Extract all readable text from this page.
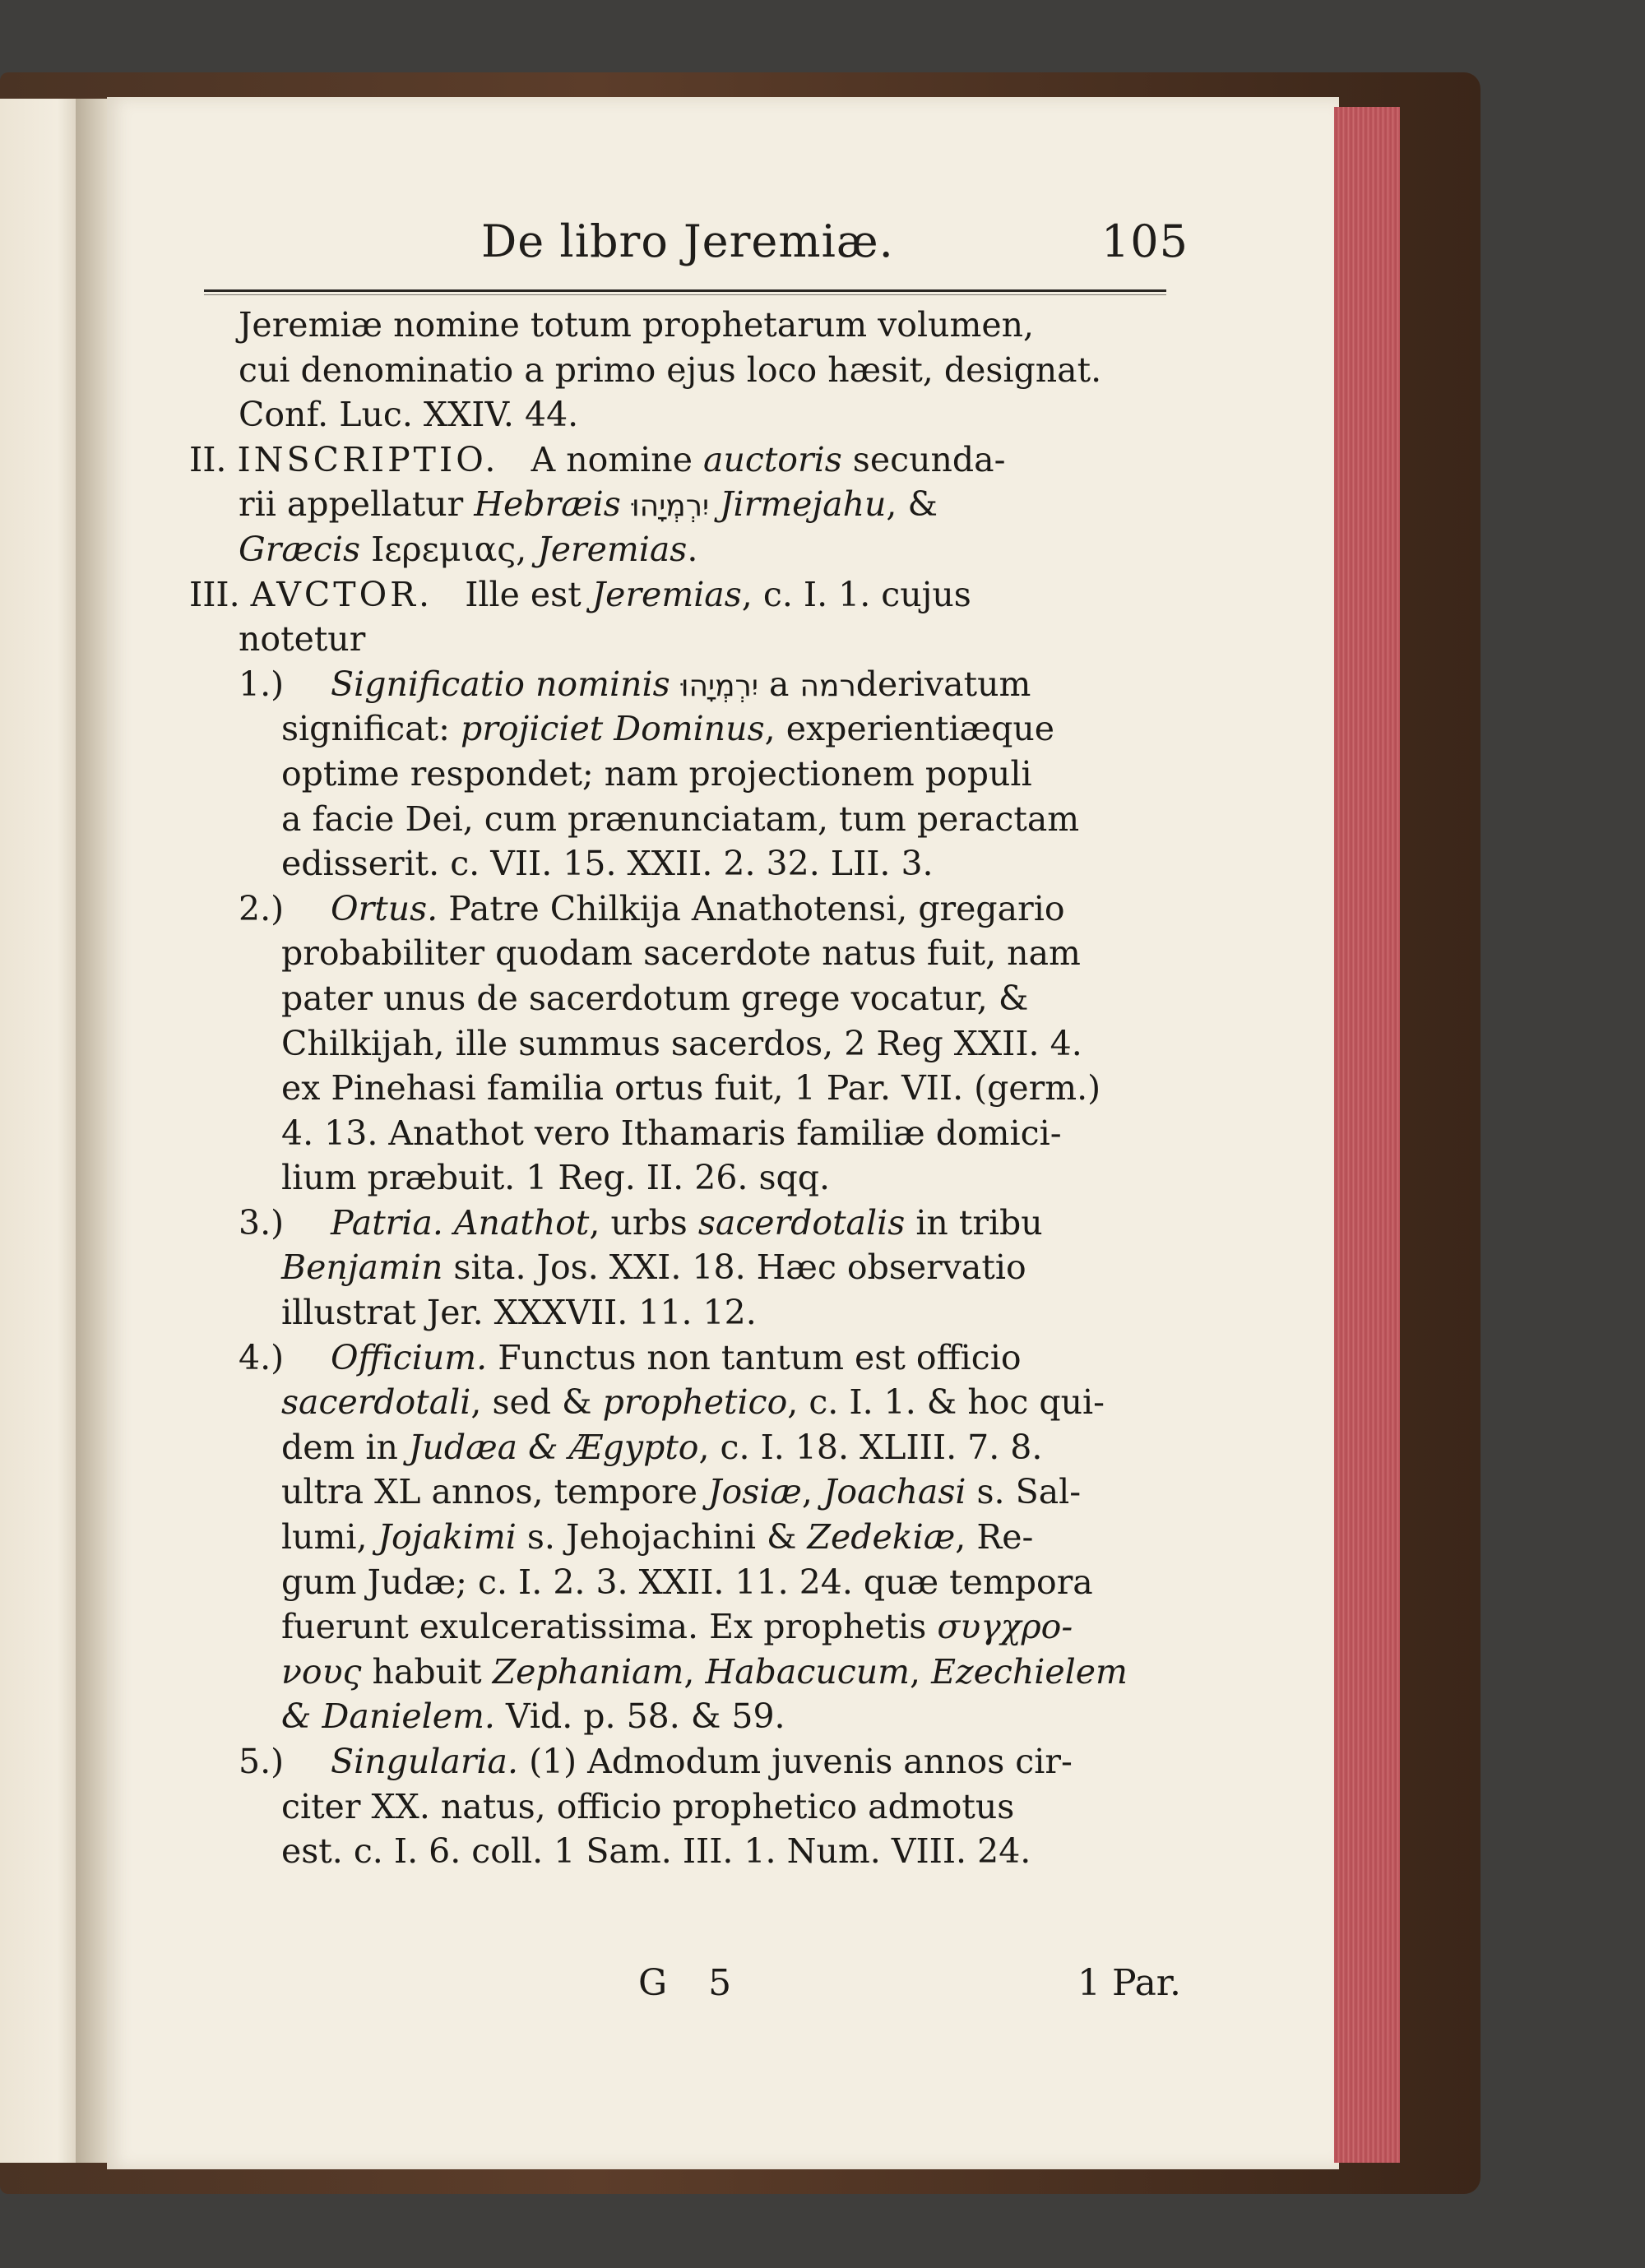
De libro Jeremiæ.	105
Jeremiæ nomine totum prophetarum volumen,
cui denominatio a primo ejus loco hæsit, designat.
Conf. Luc. XXIV. 44.
II. INSCRIPTIO. A nomine auctoris secunda-
rii appellatur Hebræis יִרְמְיָהוּ Jirmejahu, &
Græcis Ιερεμιας, Jeremias.
III. AVCTOR. Ille est Jeremias, c. I. 1. cujus
notetur
1.) Significatio nominis יִרְמְיָהוּ a רמהderivatum
significat: projiciet Dominus, experientiæque
optime respondet; nam projectionem populi
a facie Dei, cum prænunciatam, tum peractam
edisserit. c. VII. 15. XXII. 2. 32. LII. 3.
2.) Ortus. Patre Chilkija Anathotensi, gregario
probabiliter quodam sacerdote natus fuit, nam
pater unus de sacerdotum grege vocatur, &
Chilkijah, ille summus sacerdos, 2 Reg XXII. 4.
ex Pinehasi familia ortus fuit, 1 Par. VII. (germ.)
4. 13. Anathot vero Ithamaris familiæ domici-
lium præbuit. 1 Reg. II. 26. sqq.
3.) Patria. Anathot, urbs sacerdotalis in tribu
Benjamin sita. Jos. XXI. 18. Hæc observatio
illustrat Jer. XXXVII. 11. 12.
4.) Officium. Functus non tantum est officio
sacerdotali, sed & prophetico, c. I. 1. & hoc qui-
dem in Judæa & Ægypto, c. I. 18. XLIII. 7. 8.
ultra XL annos, tempore Josiæ, Joachasi s. Sal-
lumi, Jojakimi s. Jehojachini & Zedekiæ, Re-
gum Judæ; c. I. 2. 3. XXII. 11. 24. quæ tempora
fuerunt exulceratissima. Ex prophetis συγχρο-
νους habuit Zephaniam, Habacucum, Ezechielem
& Danielem. Vid. p. 58. & 59.
5.) Singularia. (1) Admodum juvenis annos cir-
citer XX. natus, officio prophetico admotus
est. c. I. 6. coll. 1 Sam. III. 1. Num. VIII. 24.
G 5	1 Par.
